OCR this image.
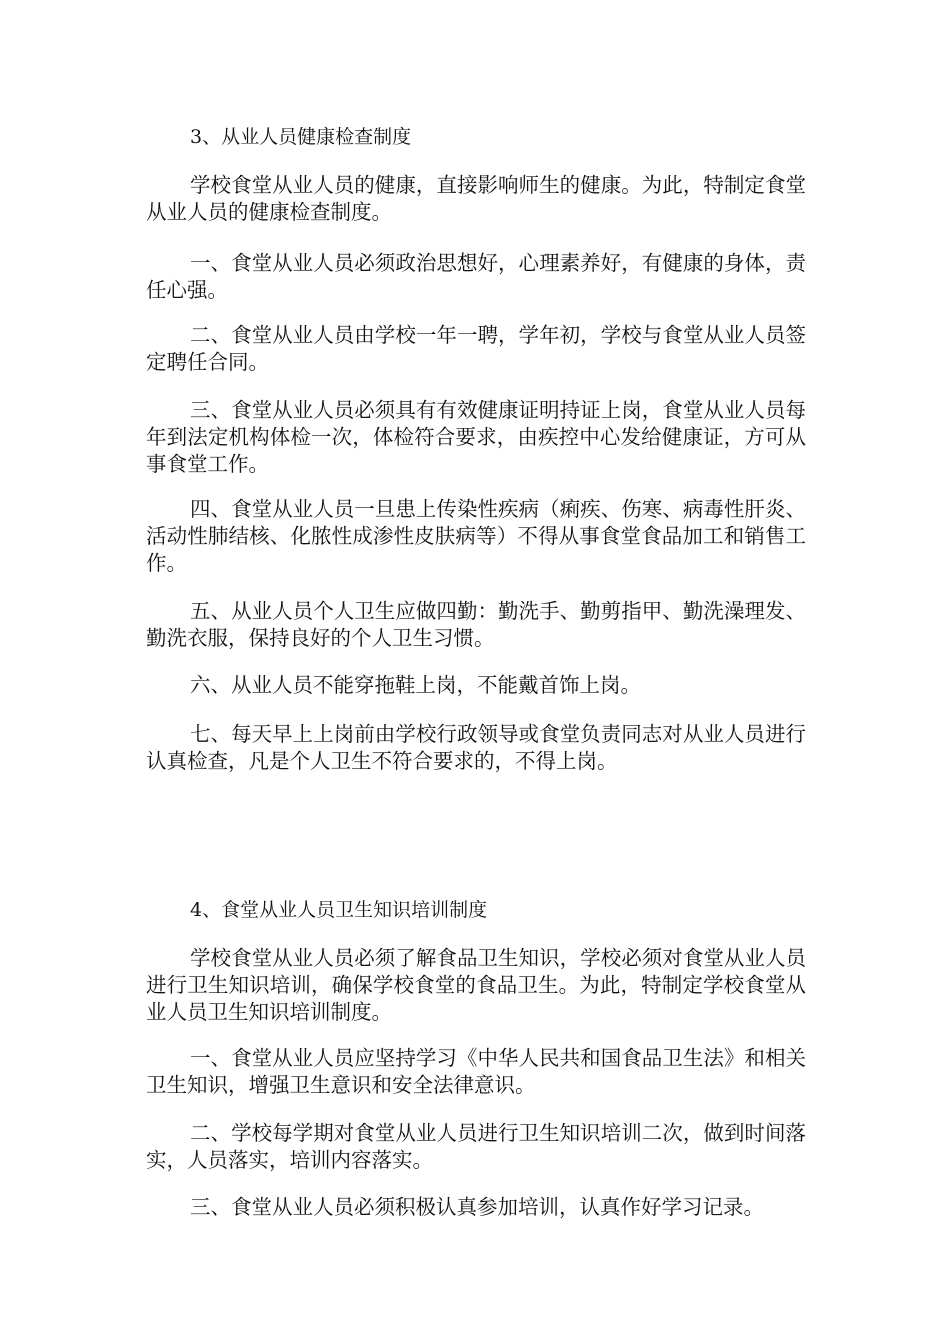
3、从业人员健康检查制度

学校食堂从业人员的健康，直接影响师生的健康。为此，特制定食堂从业人员的健康检查制度。

一、食堂从业人员必须政治思想好，心理素养好，有健康的身体，责任心强。

二、食堂从业人员由学校一年一聘，学年初，学校与食堂从业人员签定聘任合同。

三、食堂从业人员必须具有有效健康证明持证上岗，食堂从业人员每年到法定机构体检一次，体检符合要求，由疾控中心发给健康证，方可从事食堂工作。

四、食堂从业人员一旦患上传染性疾病（痢疾、伤寒、病毒性肝炎、活动性肺结核、化脓性成渗性皮肤病等）不得从事食堂食品加工和销售工作。

五、从业人员个人卫生应做四勤：勤洗手、勤剪指甲、勤洗澡理发、勤洗衣服，保持良好的个人卫生习惯。

六、从业人员不能穿拖鞋上岗，不能戴首饰上岗。

七、每天早上上岗前由学校行政领导或食堂负责同志对从业人员进行认真检查，凡是个人卫生不符合要求的，不得上岗。

4、食堂从业人员卫生知识培训制度

学校食堂从业人员必须了解食品卫生知识，学校必须对食堂从业人员进行卫生知识培训，确保学校食堂的食品卫生。为此，特制定学校食堂从业人员卫生知识培训制度。

一、食堂从业人员应坚持学习《中华人民共和国食品卫生法》和相关卫生知识，增强卫生意识和安全法律意识。

二、学校每学期对食堂从业人员进行卫生知识培训二次，做到时间落实，人员落实，培训内容落实。

三、食堂从业人员必须积极认真参加培训，认真作好学习记录。
